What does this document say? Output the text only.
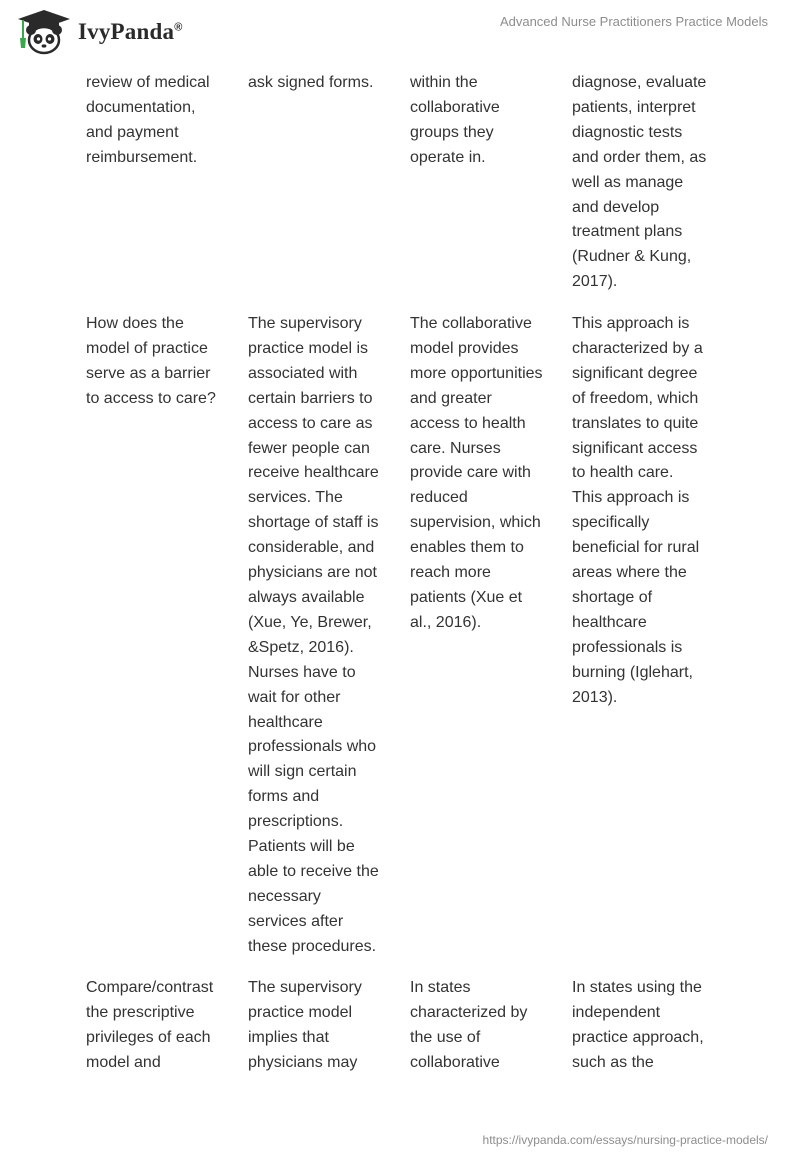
IvyPanda®	Advanced Nurse Practitioners Practice Models
review of medical
documentation,
and payment
reimbursement.
ask signed forms.	within the
collaborative
groups they
operate in.
diagnose, evaluate
patients, interpret
diagnostic tests
and order them, as
well as manage
and develop
treatment plans
(Rudner & Kung,
2017).
How does the
model of practice
serve as a barrier
to access to care?
The supervisory
practice model is
associated with
certain barriers to
access to care as
fewer people can
receive healthcare
services. The
shortage of staff is
considerable, and
physicians are not
always available
(Xue, Ye, Brewer,
&Spetz, 2016).
Nurses have to
wait for other
healthcare
professionals who
will sign certain
forms and
prescriptions.
Patients will be
able to receive the
necessary
services after
these procedures.
The collaborative
model provides
more opportunities
and greater
access to health
care. Nurses
provide care with
reduced
supervision, which
enables them to
reach more
patients (Xue et
al., 2016).
This approach is
characterized by a
significant degree
of freedom, which
translates to quite
significant access
to health care.
This approach is
specifically
beneficial for rural
areas where the
shortage of
healthcare
professionals is
burning (Iglehart,
2013).
Compare/contrast
the prescriptive
privileges of each
model and
The supervisory
practice model
implies that
physicians may
In states
characterized by
the use of
collaborative
In states using the
independent
practice approach,
such as the
https://ivypanda.com/essays/nursing-practice-models/
